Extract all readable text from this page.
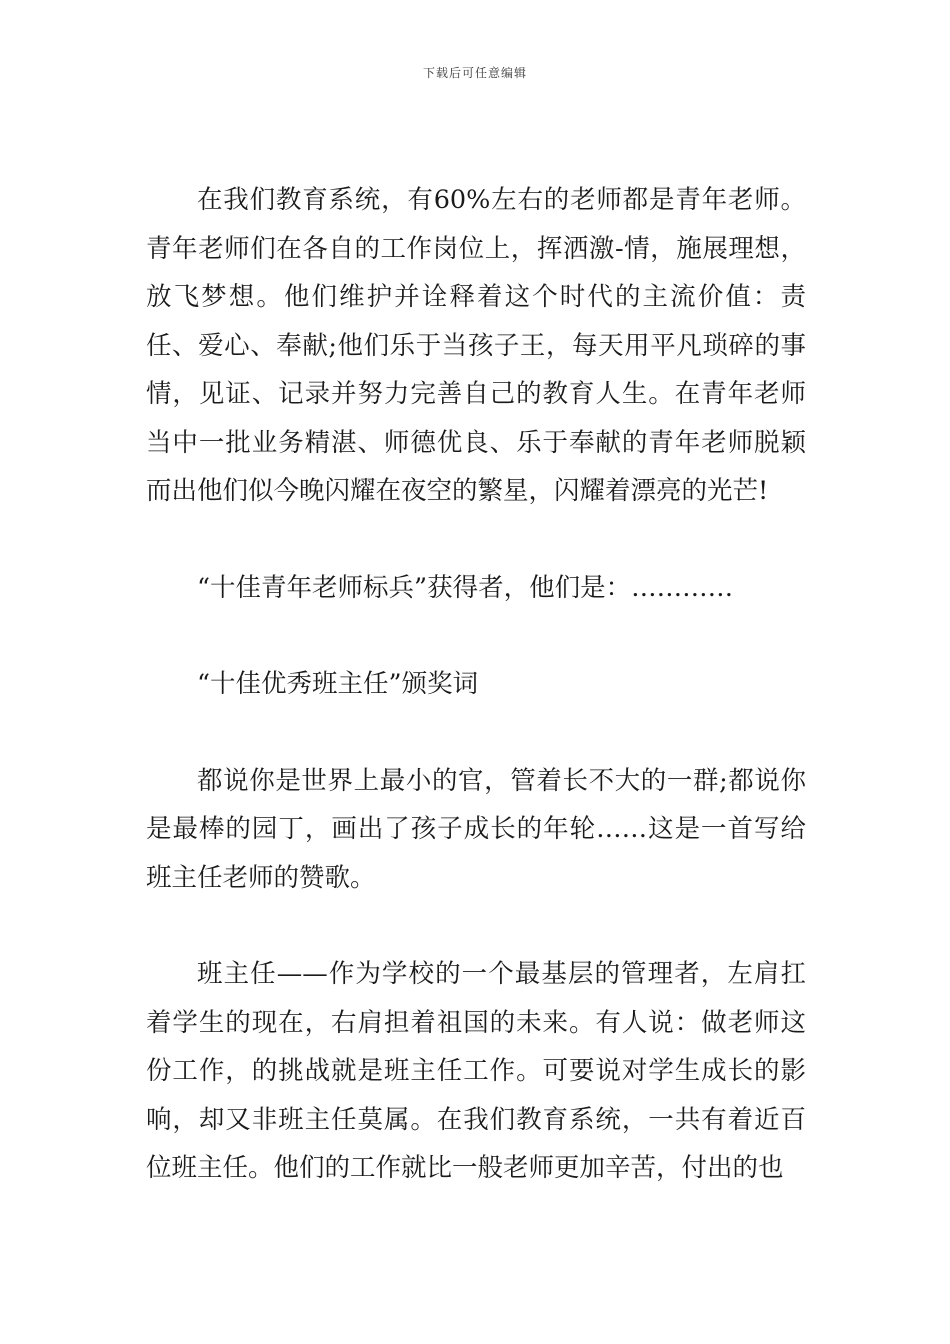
下载后可任意编辑

在我们教育系统，有60%左右的老师都是青年老师。青年老师们在各自的工作岗位上，挥洒激-情，施展理想，放飞梦想。他们维护并诠释着这个时代的主流价值：责任、爱心、奉献;他们乐于当孩子王，每天用平凡琐碎的事情，见证、记录并努力完善自己的教育人生。在青年老师当中一批业务精湛、师德优良、乐于奉献的青年老师脱颖而出他们似今晚闪耀在夜空的繁星，闪耀着漂亮的光芒!

“十佳青年老师标兵”获得者，他们是：…………

“十佳优秀班主任”颁奖词

都说你是世界上最小的官，管着长不大的一群;都说你是最棒的园丁，画出了孩子成长的年轮……这是一首写给班主任老师的赞歌。

班主任——作为学校的一个最基层的管理者，左肩扛着学生的现在，右肩担着祖国的未来。有人说：做老师这份工作，的挑战就是班主任工作。可要说对学生成长的影响，却又非班主任莫属。在我们教育系统，一共有着近百位班主任。他们的工作就比一般老师更加辛苦，付出的也
